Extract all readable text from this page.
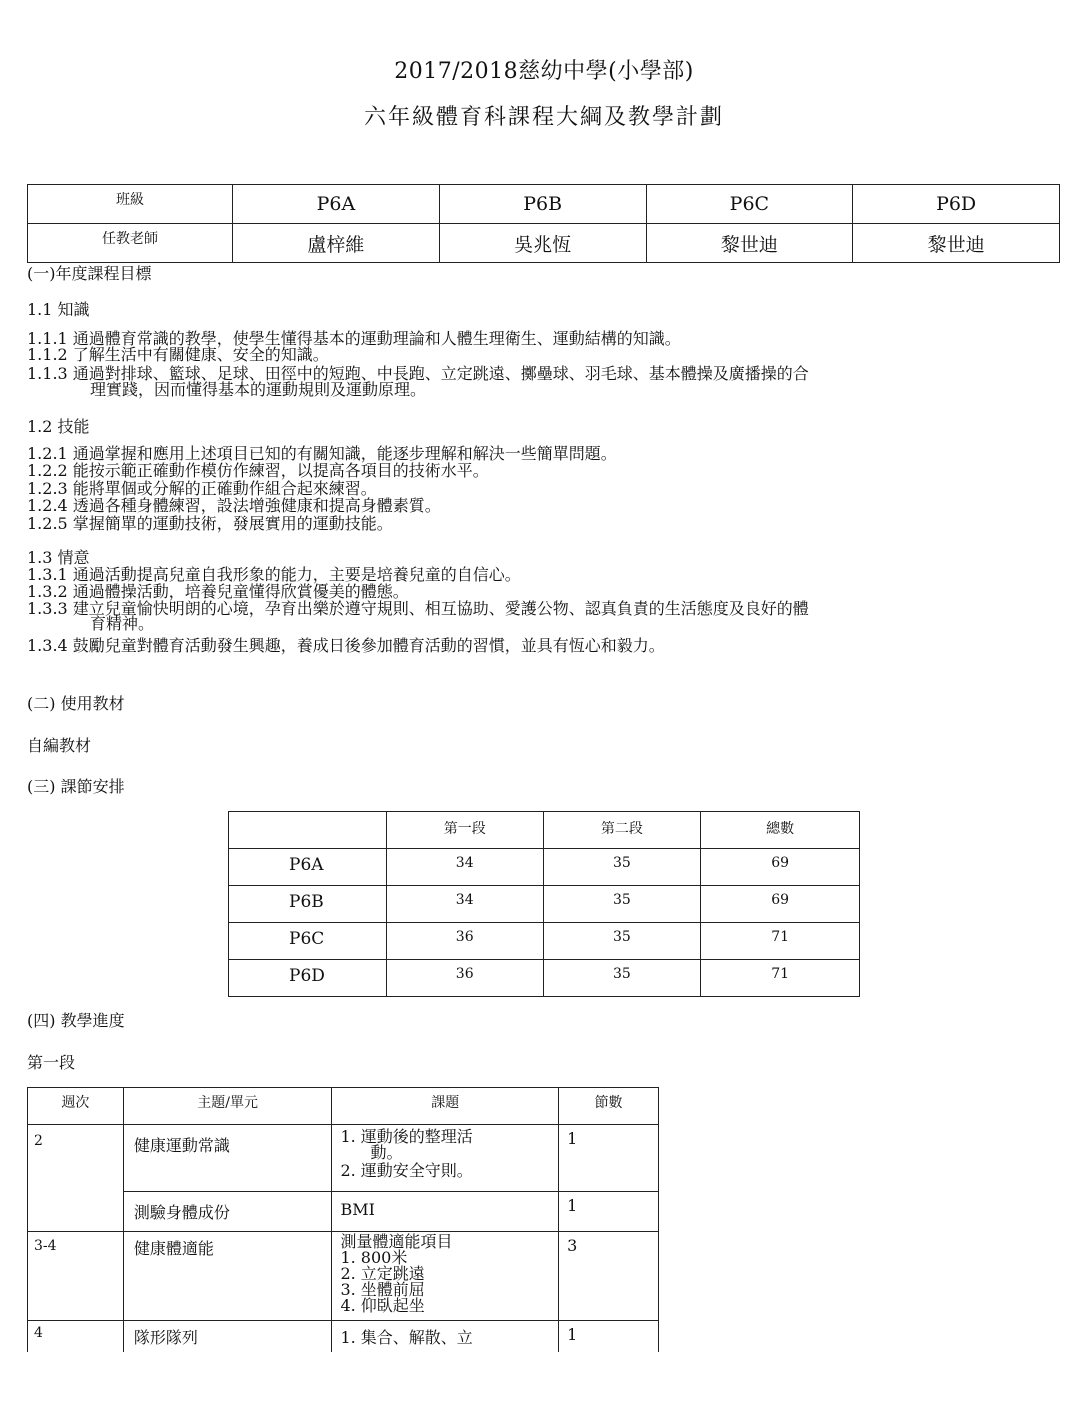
2017/2018慈幼中學(小學部)
六年級體育科課程大綱及教學計劃
班級	P6A	P6B	P6C	P6D
任教老師	盧梓維	吳兆恆	黎世迪	黎世迪
(一)年度課程目標
1.1 知識
1.1.1 通過體育常識的教學，使學生懂得基本的運動理論和人體生理衛生、運動結構的知識。
1.1.2 了解生活中有關健康、安全的知識。
1.1.3 通過對排球、籃球、足球、田徑中的短跑、中長跑、立定跳遠、擲壘球、羽毛球、基本體操及廣播操的合
理實踐，因而懂得基本的運動規則及運動原理。
1.2 技能
1.2.1 通過掌握和應用上述項目已知的有關知識，能逐步理解和解決一些簡單問題。
1.2.2 能按示範正確動作模仿作練習，以提高各項目的技術水平。
1.2.3 能將單個或分解的正確動作組合起來練習。
1.2.4 透過各種身體練習，設法增強健康和提高身體素質。
1.2.5 掌握簡單的運動技術，發展實用的運動技能。
1.3 情意
1.3.1 通過活動提高兒童自我形象的能力，主要是培養兒童的自信心。
1.3.2 通過體操活動，培養兒童懂得欣賞優美的體態。
1.3.3 建立兒童愉快明朗的心境，孕育出樂於遵守規則、相互協助、愛護公物、認真負責的生活態度及良好的體
育精神。
1.3.4 鼓勵兒童對體育活動發生興趣，養成日後參加體育活動的習慣，並具有恆心和毅力。
(二) 使用教材
自編教材
(三) 課節安排
	第一段	第二段	總數
P6A	34	35	69
P6B	34	35	69
P6C	36	35	71
P6D	36	35	71
(四) 教學進度
第一段
週次	主題/單元	課題	節數
2	健康運動常識	1. 運動後的整理活
動。
2. 運動安全守則。	1
	測驗身體成份	BMI	1
3-4	健康體適能	測量體適能項目
1. 800米
2. 立定跳遠
3. 坐體前屈
4. 仰臥起坐	3
4	隊形隊列	1. 集合、解散、立	1
